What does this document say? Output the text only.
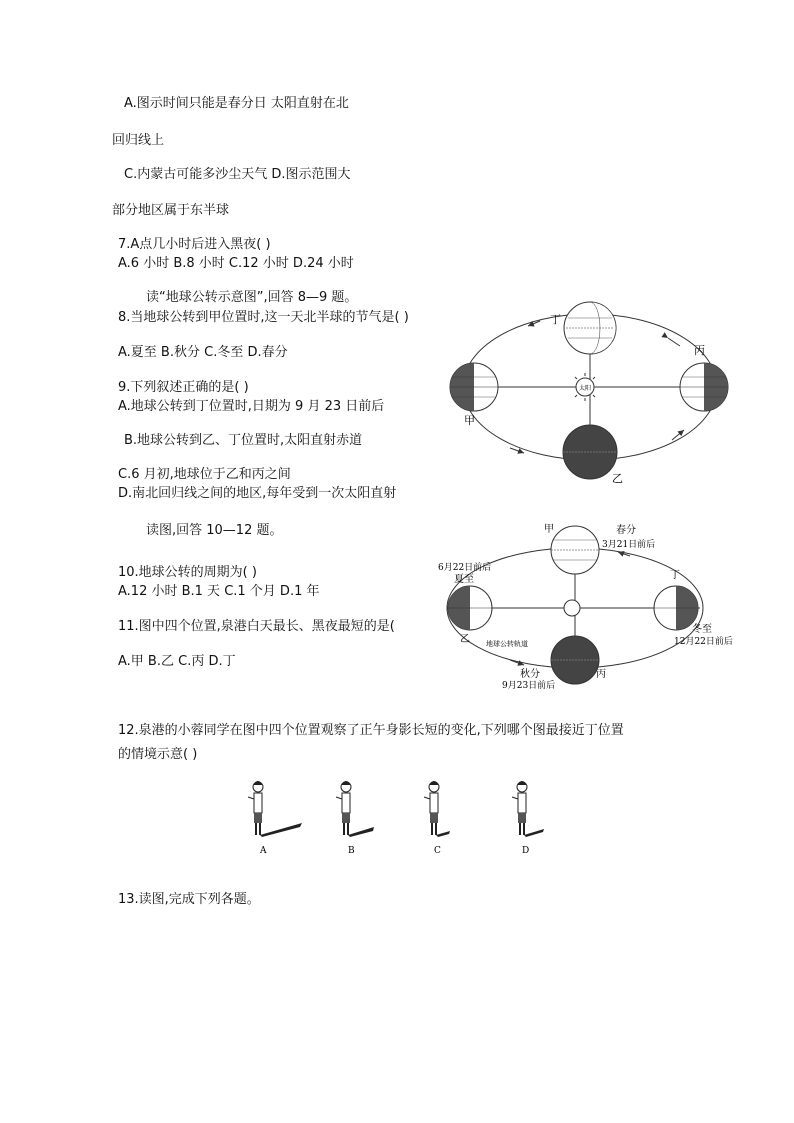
A.图示时间只能是春分日 太阳直射在北
回归线上
C.内蒙古可能多沙尘天气 D.图示范围大
部分地区属于东半球
7.A点几小时后进入黑夜( )
A.6 小时 B.8 小时 C.12 小时 D.24 小时
读“地球公转示意图”,回答 8—9 题。
8.当地球公转到甲位置时,这一天北半球的节气是( )
A.夏至 B.秋分 C.冬至 D.春分
9.下列叙述正确的是( )
A.地球公转到丁位置时,日期为 9 月 23 日前后
B.地球公转到乙、丁位置时,太阳直射赤道
C.6 月初,地球位于乙和丙之间
D.南北回归线之间的地区,每年受到一次太阳直射
读图,回答 10—12 题。
10.地球公转的周期为( )
A.12 小时 B.1 天 C.1 个月 D.1 年
11.图中四个位置,泉港白天最长、黑夜最短的是(
A.甲 B.乙 C.丙 D.丁
12.泉港的小蓉同学在图中四个位置观察了正午身影长短的变化,下列哪个图最接近丁位置
的情境示意( )
13.读图,完成下列各题。
太阳
丁
甲
丙
乙
甲	春分
3月21日前后
6月22日前后
夏至
乙 地球公转轨道
丁
冬至
12月22日前后
丙
秋分
9月23日前后
A	B	C	D
